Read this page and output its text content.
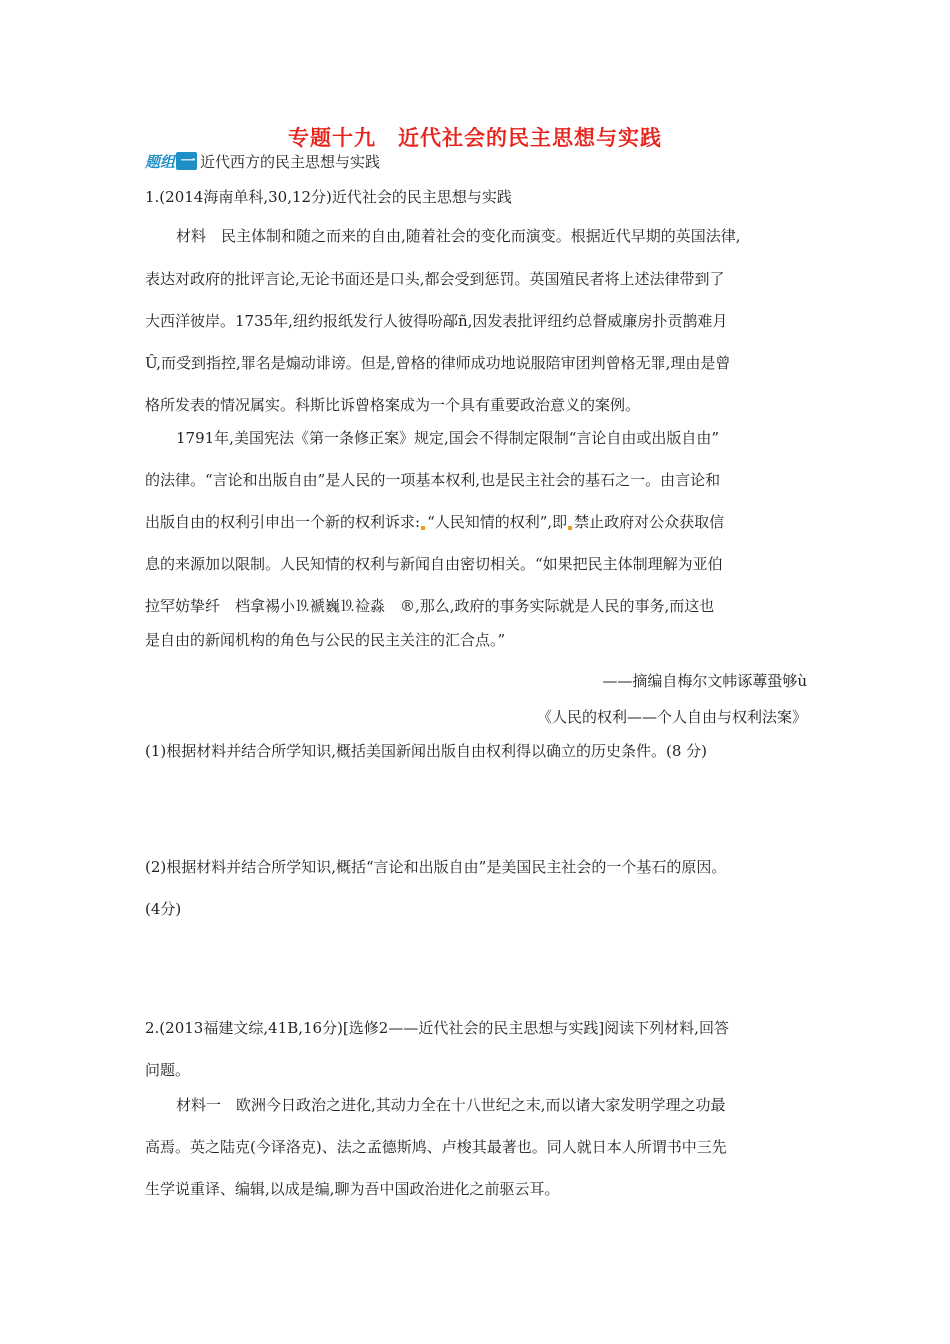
专题十九　近代社会的民主思想与实践
题组 一 近代西方的民主思想与实践
1.(2014海南单科,30,12分)近代社会的民主思想与实践
材料　民主体制和随之而来的自由,随着社会的变化而演变。根据近代早期的英国法律,
表达对政府的批评言论,无论书面还是口头,都会受到惩罚。英国殖民者将上述法律带到了
大西洋彼岸。1735年,纽约报纸发行人彼得吩鄗ñ,因发表批评纽约总督威廉房扑贡鹊难月
Û,而受到指控,罪名是煽动诽谤。但是,曾格的律师成功地说服陪审团判曾格无罪,理由是曾
格所发表的情况属实。科斯比诉曾格案成为一个具有重要政治意义的案例。
1791年,美国宪法《第一条修正案》规定,国会不得制定限制“言论自由或出版自由”
的法律。“言论和出版自由”是人民的一项基本权利,也是民主社会的基石之一。由言论和
出版自由的权利引申出一个新的权利诉求: “人民知情的权利”,即 禁止政府对公众获取信
息的来源加以限制。人民知情的权利与新闻自由密切相关。“如果把民主体制理解为亚伯
拉罕妨挚纤　档拿裼小⒚褫巍⒚裣淼　®,那么,政府的事务实际就是人民的事务,而这也
是自由的新闻机构的角色与公民的民主关注的汇合点。”
——摘编自梅尔文帏诼蓴蛩够ù
《人民的权利——个人自由与权利法案》
(1)根据材料并结合所学知识,概括美国新闻出版自由权利得以确立的历史条件。(8 分)
(2)根据材料并结合所学知识,概括“言论和出版自由”是美国民主社会的一个基石的原因。
(4分)
2.(2013福建文综,41B,16分)[选修2——近代社会的民主思想与实践]阅读下列材料,回答
问题。
材料一　欧洲今日政治之进化,其动力全在十八世纪之末,而以诸大家发明学理之功最
高焉。英之陆克(今译洛克)、法之孟德斯鸠、卢梭其最著也。同人就日本人所谓书中三先
生学说重译、编辑,以成是编,聊为吾中国政治进化之前驱云耳。
